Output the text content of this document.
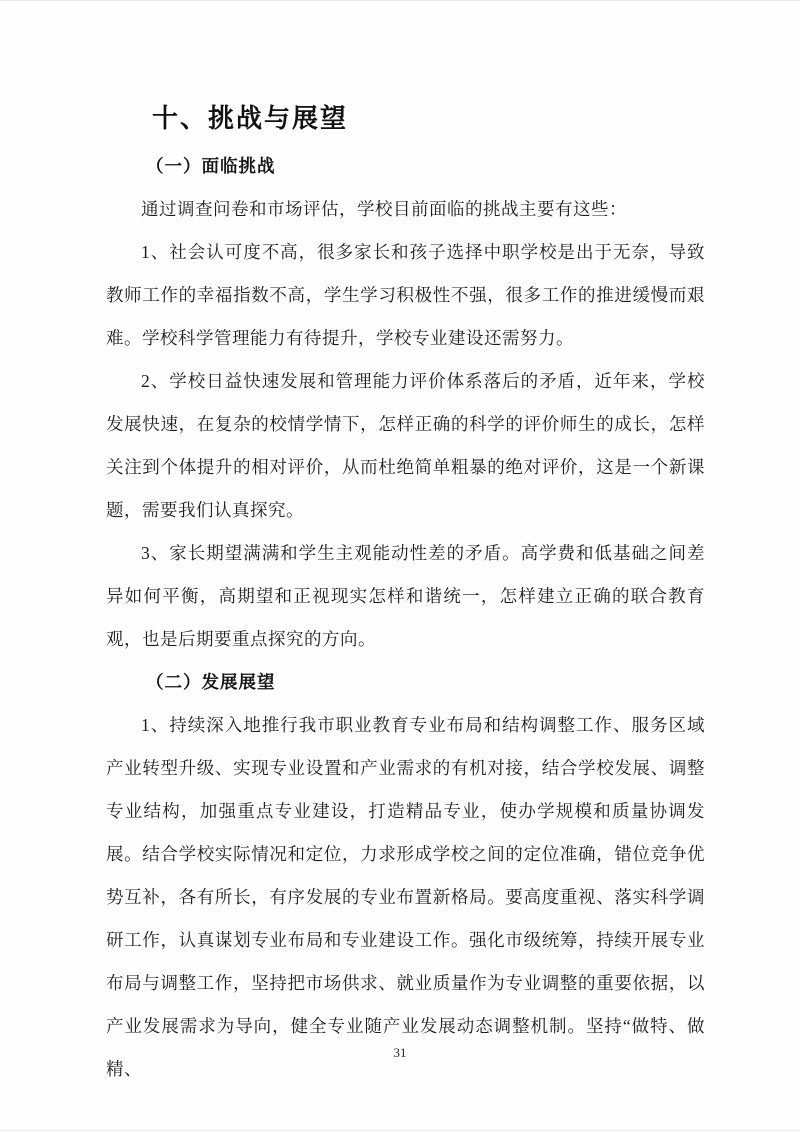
十、挑战与展望
（一）面临挑战

通过调查问卷和市场评估，学校目前面临的挑战主要有这些：

1、社会认可度不高，很多家长和孩子选择中职学校是出于无奈，导致教师工作的幸福指数不高，学生学习积极性不强，很多工作的推进缓慢而艰难。学校科学管理能力有待提升，学校专业建设还需努力。

2、学校日益快速发展和管理能力评价体系落后的矛盾，近年来，学校发展快速，在复杂的校情学情下，怎样正确的科学的评价师生的成长，怎样关注到个体提升的相对评价，从而杜绝简单粗暴的绝对评价，这是一个新课题，需要我们认真探究。

3、家长期望满满和学生主观能动性差的矛盾。高学费和低基础之间差异如何平衡，高期望和正视现实怎样和谐统一，怎样建立正确的联合教育观，也是后期要重点探究的方向。

（二）发展展望

1、持续深入地推行我市职业教育专业布局和结构调整工作、服务区域产业转型升级、实现专业设置和产业需求的有机对接，结合学校发展、调整专业结构，加强重点专业建设，打造精品专业，使办学规模和质量协调发展。结合学校实际情况和定位，力求形成学校之间的定位准确，错位竞争优势互补，各有所长，有序发展的专业布置新格局。要高度重视、落实科学调研工作，认真谋划专业布局和专业建设工作。强化市级统筹，持续开展专业布局与调整工作，坚持把市场供求、就业质量作为专业调整的重要依据，以产业发展需求为导向，健全专业随产业发展动态调整机制。坚持“做特、做精、

31
